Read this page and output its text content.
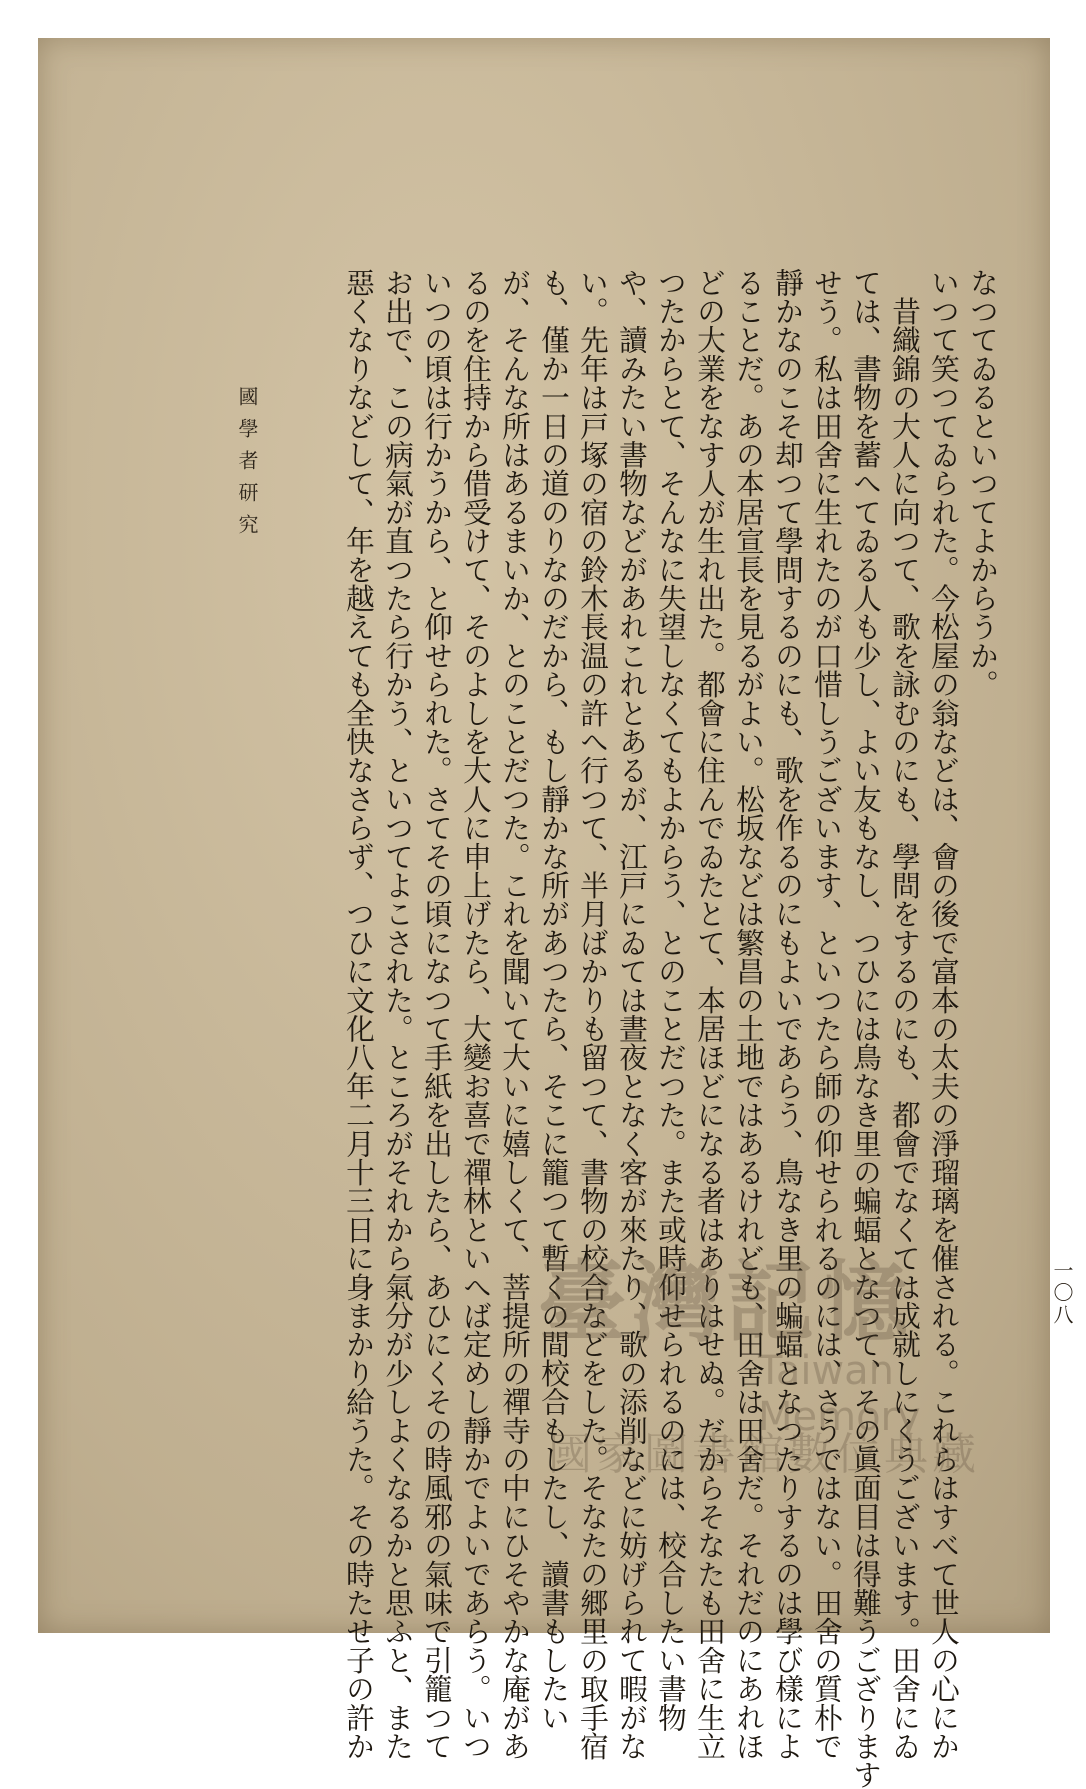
國學者研究
一〇八
なつてゐるといつてよからうか。
いつて笑つてゐられた。今松屋の翁などは、會の後で富本の太夫の淨瑠璃を催される。これらはすべて世人の心にか
　昔織錦の大人に向つて、歌を詠むのにも、學問をするのにも、都會でなくては成就しにくうございます。田舍にゐ
ては、書物を蓄へてゐる人も少し、よい友もなし、つひには鳥なき里の蝙蝠となつて、その眞面目は得難うござります
せう。私は田舍に生れたのが口惜しうございます、といつたら師の仰せられるのには、さうではない。田舍の質朴で
靜かなのこそ却つて學問するのにも、歌を作るのにもよいであらう、鳥なき里の蝙蝠となつたりするのは學び樣によ
ることだ。あの本居宣長を見るがよい。松坂などは繁昌の土地ではあるけれども、田舍は田舍だ。それだのにあれほ
どの大業をなす人が生れ出た。都會に住んでゐたとて、本居ほどになる者はありはせぬ。だからそなたも田舍に生立
つたからとて、そんなに失望しなくてもよからう、とのことだつた。また或時仰せられるのには、校合したい書物
や、讀みたい書物などがあれこれとあるが、江戸にゐては晝夜となく客が來たり、歌の添削などに妨げられて暇がな
い。先年は戸塚の宿の鈴木長温の許へ行つて、半月ばかりも留つて、書物の校合などをした。そなたの郷里の取手宿
も、僅か一日の道のりなのだから、もし靜かな所があつたら、そこに籠つて暫くの間校合もしたし、讀書もしたい
が、そんな所はあるまいか、とのことだつた。これを聞いて大いに嬉しくて、菩提所の禪寺の中にひそやかな庵があ
るのを住持から借受けて、そのよしを大人に申上げたら、大變お喜で禪林といへば定めし靜かでよいであらう。いつ
いつの頃は行かうから、と仰せられた。さてその頃になつて手紙を出したら、あひにくその時風邪の氣味で引籠つて
お出で、この病氣が直つたら行かう、といつてよこされた。ところがそれから氣分が少しよくなるかと思ふと、また
惡くなりなどして、年を越えても全快なさらず、つひに文化八年二月十三日に身まかり給うた。その時たせ子の許か 臺灣記憶
Taiwan Memory
國家圖書館數位典藏
